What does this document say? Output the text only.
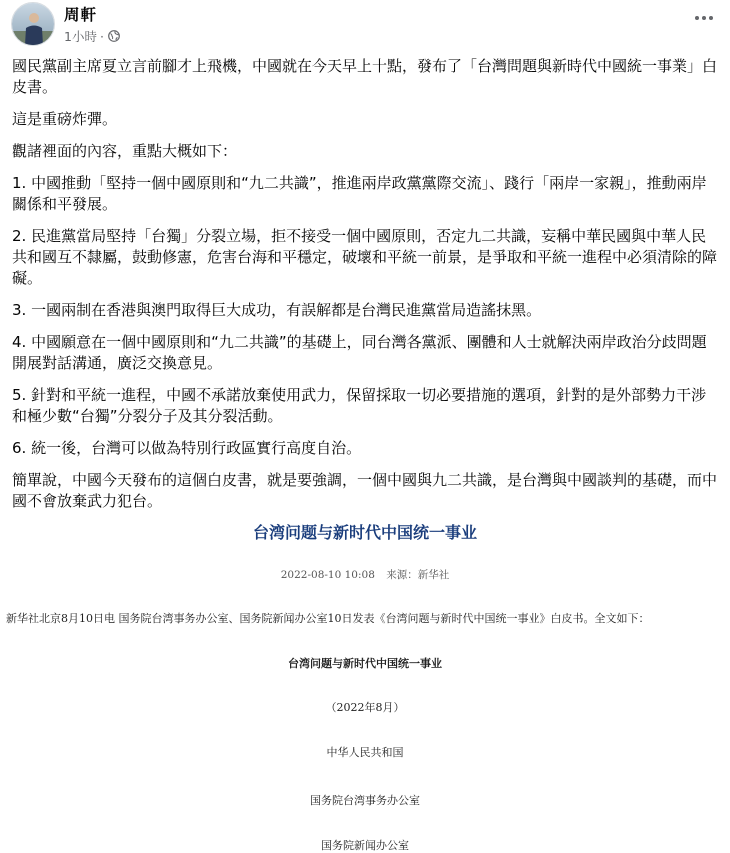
周軒
1小時 ·

國民黨副主席夏立言前腳才上飛機，中國就在今天早上十點，發布了「台灣問題與新時代中國統一事業」白皮書。

這是重磅炸彈。

觀諸裡面的內容，重點大概如下：

1. 中國推動「堅持一個中國原則和“九二共識”，推進兩岸政黨黨際交流」、踐行「兩岸一家親」，推動兩岸關係和平發展。

2. 民進黨當局堅持「台獨」分裂立場，拒不接受一個中國原則，否定九二共識，妄稱中華民國與中華人民共和國互不隸屬，鼓動修憲，危害台海和平穩定，破壞和平統一前景，是爭取和平統一進程中必須清除的障礙。

3. 一國兩制在香港與澳門取得巨大成功，有誤解都是台灣民進黨當局造謠抹黑。

4. 中國願意在一個中國原則和“九二共識”的基礎上，同台灣各黨派、團體和人士就解決兩岸政治分歧問題開展對話溝通，廣泛交換意見。

5. 針對和平統一進程，中國不承諾放棄使用武力，保留採取一切必要措施的選項，針對的是外部勢力干涉和極少數“台獨”分裂分子及其分裂活動。

6. 統一後，台灣可以做為特別行政區實行高度自治。

簡單說，中國今天發布的這個白皮書，就是要強調，一個中國與九二共識，是台灣與中國談判的基礎，而中國不會放棄武力犯台。

台湾问题与新时代中国统一事业
2022-08-10 10:08 来源：新华社
新华社北京8月10日电 国务院台湾事务办公室、国务院新闻办公室10日发表《台湾问题与新时代中国统一事业》白皮书。全文如下：
台湾问题与新时代中国统一事业
（2022年8月）
中华人民共和国
国务院台湾事务办公室
国务院新闻办公室
